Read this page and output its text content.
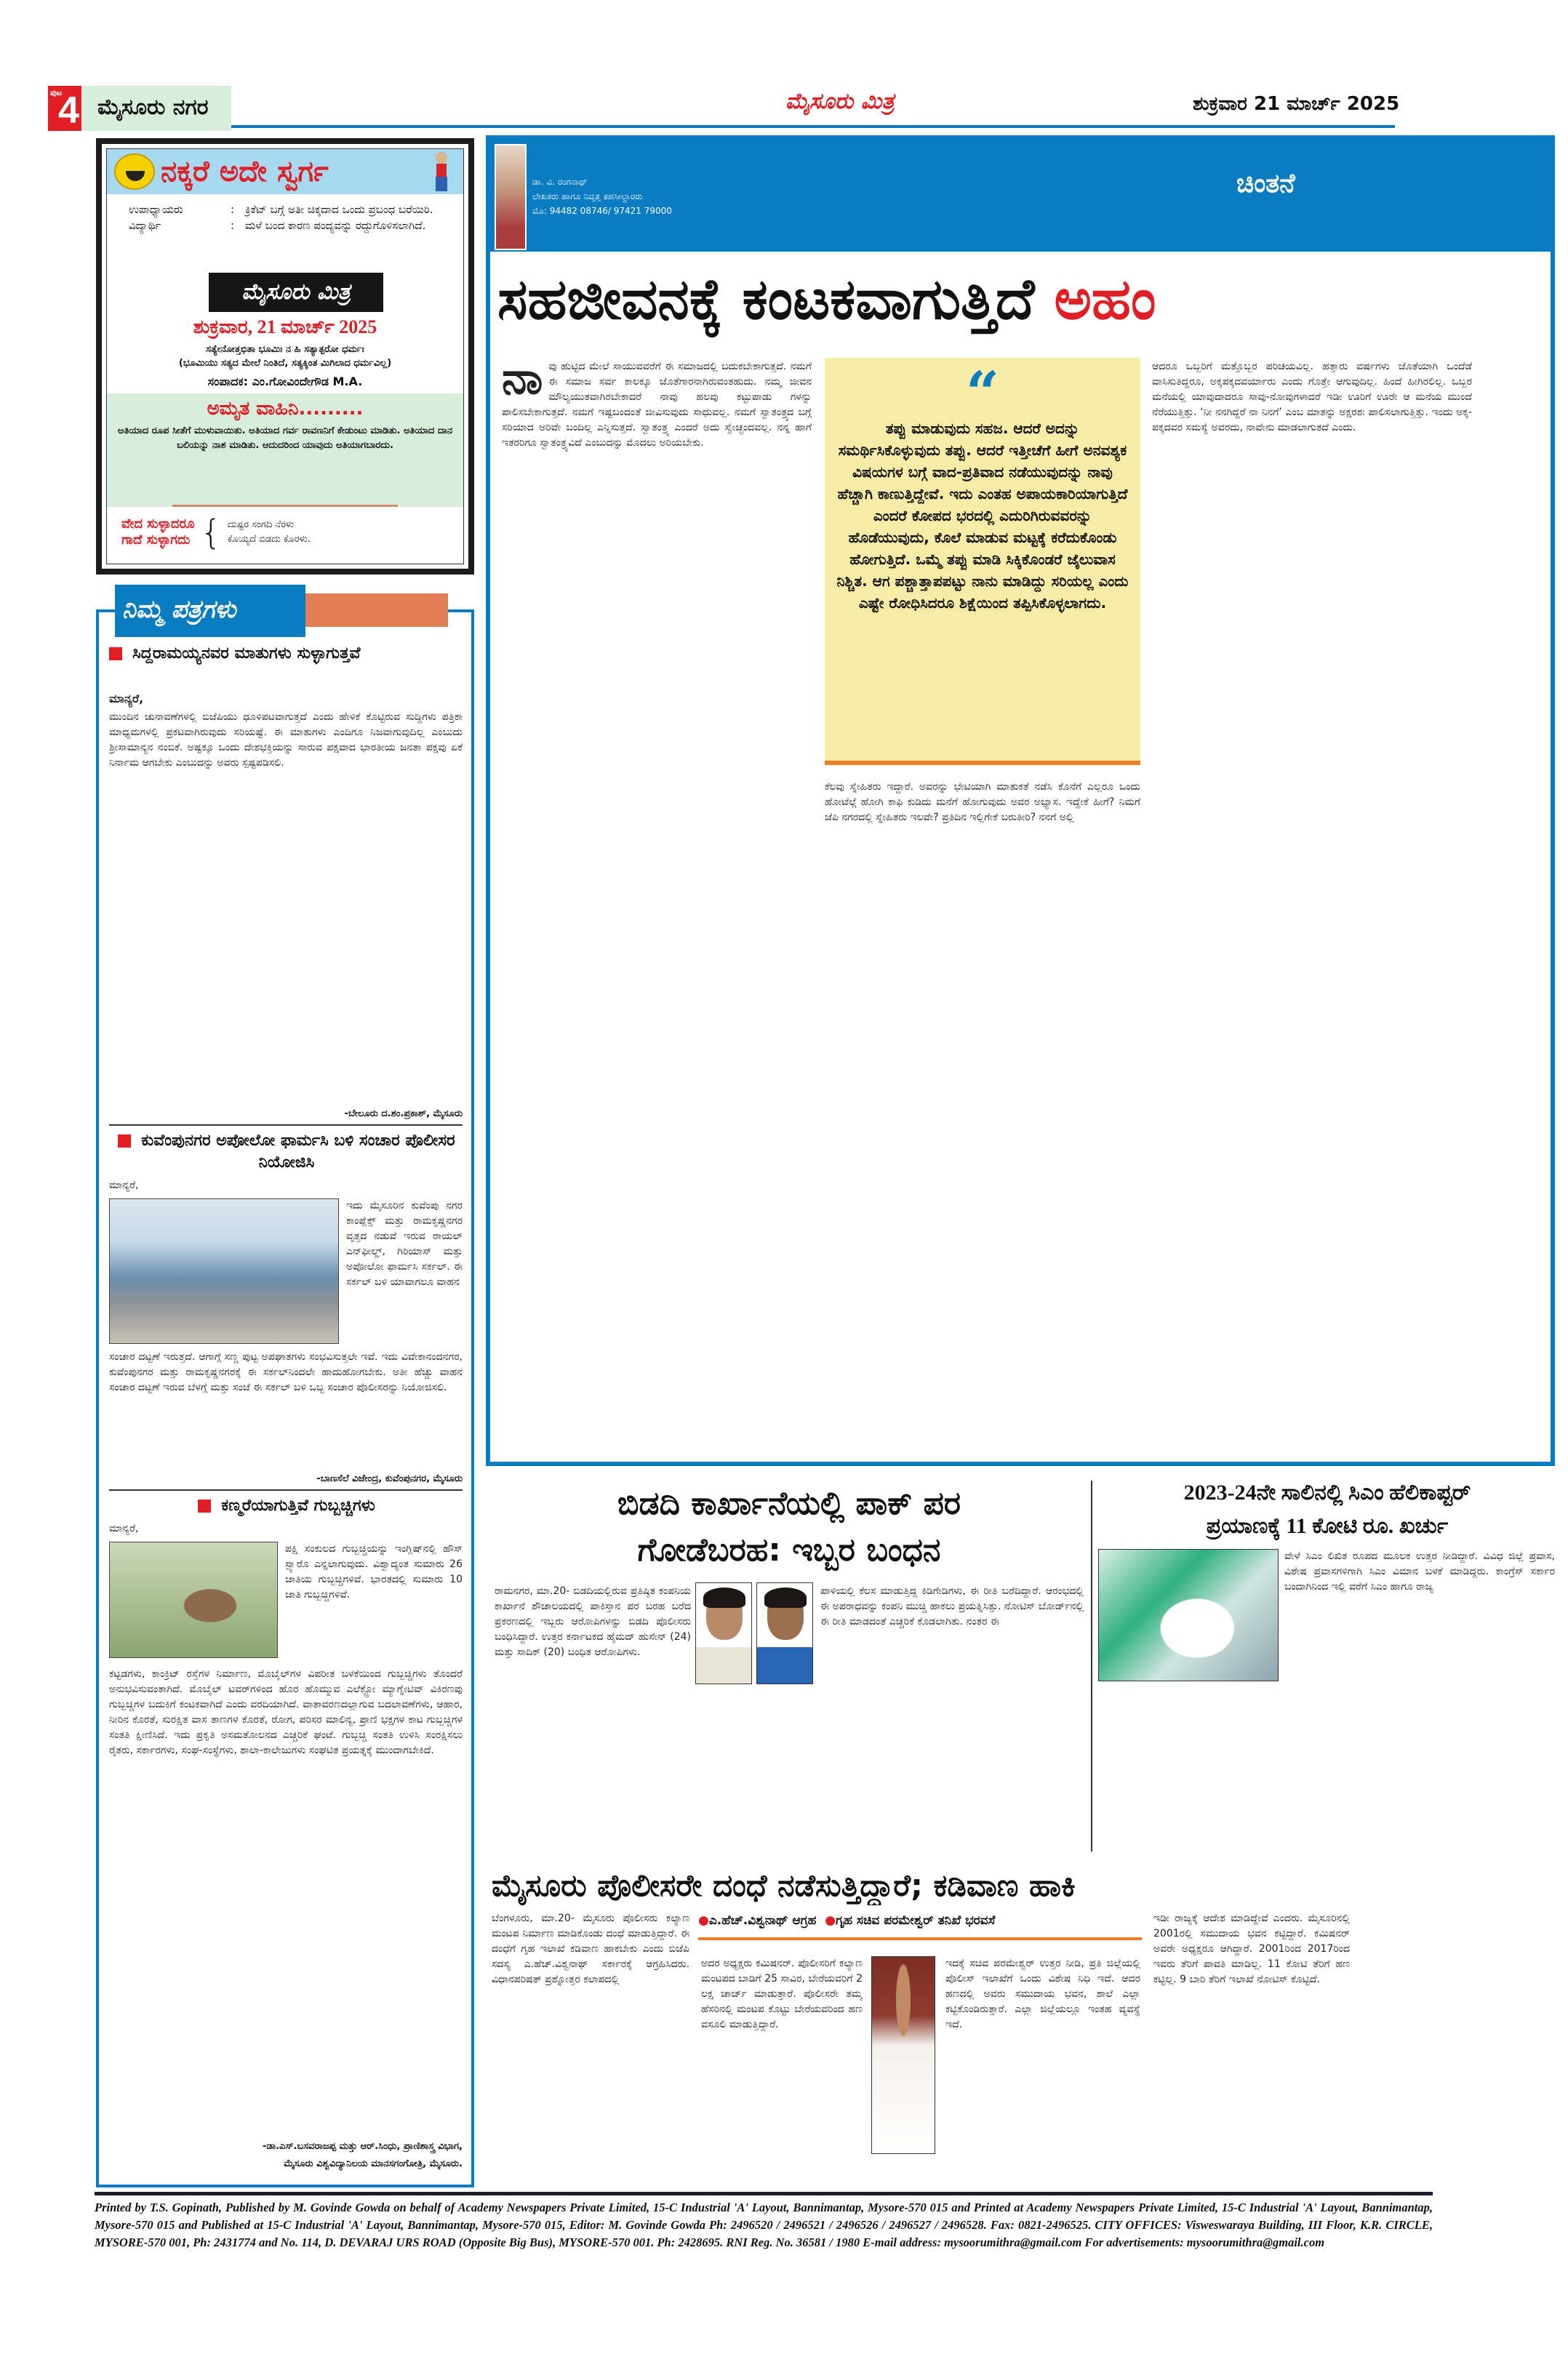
ಪುಟ
4 ಮೈಸೂರು ನಗರ	ಮೈಸೂರು ಮಿತ್ರ	ಶುಕ್ರವಾರ 21 ಮಾರ್ಚ್ 2025
ನಕ್ಕರೆ ಅದೇ ಸ್ವರ್ಗ
ಉಪಾಧ್ಯಾಯರು	: ಕ್ರಿಕೆಟ್ ಬಗ್ಗೆ ಅತೀ ಚಿಕ್ಕದಾದ ಒಂದು ಪ್ರಬಂಧ ಬರೆಯಿರಿ.
ವಿದ್ಯಾರ್ಥಿ	: ಮಳೆ ಬಂದ ಕಾರಣ ಪಂದ್ಯವನ್ನು ರದ್ದುಗೊಳಿಸಲಾಗಿದೆ.
ಮೈಸೂರು ಮಿತ್ರ
ಶುಕ್ರವಾರ, 21 ಮಾರ್ಚ್ 2025
ಸತ್ಯೇನೋತ್ತಭಿತಾ ಭೂಮಿಃ ನ ಹಿ ಸತ್ಯಾತ್ಪರೋ ಧರ್ಮಃ
(ಭೂಮಿಯು ಸತ್ಯದ ಮೇಲೆ ನಿಂತಿದೆ, ಸತ್ಯಕ್ಕಿಂತ ಮಿಗಿಲಾದ ಧರ್ಮವಿಲ್ಲ)
ಸಂಪಾದಕ: ಎಂ.ಗೋವಿಂದೇಗೌಡ M.A.
ಅಮೃತ ವಾಹಿನಿ.........
ಅತಿಯಾದ ರೂಪ ಸೀತೆಗೆ ಮುಳುವಾಯಿತು. ಅತಿಯಾದ ಗರ್ವ ರಾವಣನಿಗೆ ಕೇಡುಂಟು ಮಾಡಿತು. ಅತಿಯಾದ ದಾನ ಬಲಿಯನ್ನು ನಾಶ ಮಾಡಿತು. ಆದುದರಿಂದ ಯಾವುದು ಅತಿಯಾಗಬಾರದು.
ವೇದ ಸುಳ್ಳಾದರೂ
ಗಾದೆ ಸುಳ್ಳಾಗದು { ದುಷ್ಟರ ಸಂಗದಿ ನೆರಳು
ಕೊಯ್ಯದೆ ಬಿಡದು ಕೊರಳು.
ಸಿದ್ದರಾಮಯ್ಯನವರ ಮಾತುಗಳು ಸುಳ್ಳಾಗುತ್ತವೆ
ಮಾನ್ಯರೆ,
ಮುಂದಿನ ಚುನಾವಣೆಗಳಲ್ಲಿ ಬಿಜೆಪಿಯು ಧೂಳಿಪಟವಾಗುತ್ತದೆ ಎಂದು ಹೇಳಿಕೆ ಕೊಟ್ಟಿರುವ ಸುದ್ದಿಗಳು ಪತ್ರಿಕಾ ಮಾಧ್ಯಮಗಳಲ್ಲಿ ಪ್ರಕಟವಾಗಿರುವುದು ಸರಿಯಷ್ಟೆ. ಈ ಮಾತುಗಳು ಎಂದಿಗೂ ನಿಜವಾಗುವುದಿಲ್ಲ ಎಂಬುದು ಶ್ರೀಸಾಮಾನ್ಯನ ನಂಬಿಕೆ. ಅಷ್ಟಕ್ಕೂ ಒಂದು ದೇಶಭಕ್ತಿಯನ್ನು ಸಾರುವ ಪಕ್ಷವಾದ ಭಾರತೀಯ ಜನತಾ ಪಕ್ಷವು ಏಕೆ ನಿರ್ನಾಮ ಆಗಬೇಕು ಎಂಬುದನ್ನು ಅವರು ಸ್ಪಷ್ಟಪಡಿಸಲಿ.
-ಬೇಲೂರು ದ.ಶಂ.ಪ್ರಕಾಶ್, ಮೈಸೂರು
ಕುವೆಂಪುನಗರ ಅಪೋಲೋ ಫಾರ್ಮಸಿ ಬಳಿ ಸಂಚಾರ ಪೊಲೀಸರ ನಿಯೋಜಿಸಿ
ಮಾನ್ಯರೆ,
ಇದು ಮೈಸೂರಿನ ಕುವೆಂಪು ನಗರ ಕಾಂಪ್ಲೆಕ್ಸ್ ಮತ್ತು ರಾಮಕೃಷ್ಣನಗರ ವೃತ್ತದ ನಡುವೆ ಇರುವ ರಾಯಲ್ ಎನ್‌ಫೀಲ್ಡ್, ಗಿರಿಯಾಸ್ ಮತ್ತು ಅಪೋಲೋ ಫಾರ್ಮಸಿ ಸರ್ಕಲ್. ಈ ಸರ್ಕಲ್ ಬಳಿ ಯಾವಾಗಲೂ ವಾಹನ
ಸಂಚಾರ ದಟ್ಟಣೆ ಇರುತ್ತದೆ. ಆಗಾಗ್ಗೆ ಸಣ್ಣ ಪುಟ್ಟ ಅಪಘಾತಗಳು ಸಂಭವಿಸುತ್ತಲೇ ಇವೆ. ಇದು ವಿವೇಕಾನಂದನಗರ, ಕುವೆಂಪುನಗರ ಮತ್ತು ರಾಮಕೃಷ್ಣನಗರಕ್ಕೆ ಈ ಸರ್ಕಲ್‌ನಿಂದಲೇ ಹಾದುಹೋಗಬೇಕು. ಅತೀ ಹೆಚ್ಚು ವಾಹನ ಸಂಚಾರ ದಟ್ಟಣೆ ಇರುವ ಬೆಳಗ್ಗೆ ಮತ್ತು ಸಂಜೆ ಈ ಸರ್ಕಲ್ ಬಳಿ ಒಬ್ಬ ಸಂಚಾರ ಪೊಲೀಸರನ್ನು ನಿಯೋಜಿಸಲಿ.
-ಬಾಣಸೆಲೆ ವಿಜೇಂದ್ರ, ಕುವೆಂಪುನಗರ, ಮೈಸೂರು
ಕಣ್ಮರೆಯಾಗುತ್ತಿವೆ ಗುಬ್ಬಚ್ಚಿಗಳು
ಮಾನ್ಯರೆ,
ಪಕ್ಷಿ ಸಂಕುಲದ ಗುಬ್ಬಚ್ಚಿಯನ್ನು ಇಂಗ್ಲಿಷ್‌ನಲ್ಲಿ ಹೌಸ್ ಸ್ಪ್ಯಾರೊ ಎನ್ನಲಾಗುವುದು. ವಿಶ್ವಾದ್ಯಂತ ಸುಮಾರು 26 ಜಾತಿಯ ಗುಬ್ಬಚ್ಚಿಗಳಿವೆ. ಭಾರತದಲ್ಲಿ ಸುಮಾರು 10 ಜಾತಿ ಗುಬ್ಬಚ್ಚಿಗಳಿವೆ.
ಕಟ್ಟಡಗಳು, ಕಾಂಕ್ರಿಟ್ ರಸ್ತೆಗಳ ನಿರ್ಮಾಣ, ಮೊಬೈಲ್‌ಗಳ ವಿಪರೀತ ಬಳಕೆಯಿಂದ ಗುಬ್ಬಚ್ಚಿಗಳು ತೊಂದರೆ ಅನುಭವಿಸುವಂತಾಗಿದೆ. ಮೊಬೈಲ್ ಟವರ್‌ಗಳಿಂದ ಹೊರ ಹೊಮ್ಮುವ ಎಲೆಕ್ಟ್ರೋ ಮ್ಯಾಗ್ನೇಟಿವ್ ವಿಕಿರಣವು ಗುಬ್ಬಚ್ಚಿಗಳ ಬದುಕಿಗೆ ಕಂಟಕವಾಗಿದೆ ಎಂದು ವರದಿಯಾಗಿದೆ. ವಾತಾವರಣದಲ್ಲಾಗುವ ಬದಲಾವಣೆಗಳು, ಆಹಾರ, ನೀರಿನ ಕೊರತೆ, ಸುರಕ್ಷಿತ ವಾಸ ತಾಣಗಳ ಕೊರತೆ, ರೋಗ, ಪರಿಸರ ಮಾಲಿನ್ಯ, ಪ್ರಾಣಿ ಭಕ್ಷಗಳ ಕಾಟ ಗುಬ್ಬಚ್ಚಿಗಳ ಸಂತತಿ ಕ್ಷೀಣಿಸಿದೆ. ಇದು ಪ್ರಕೃತಿ ಅಸಮತೋಲನದ ಎಚ್ಚರಿಕೆ ಘಂಟೆ. ಗುಬ್ಬಚ್ಚಿ ಸಂತತಿ ಉಳಿಸಿ ಸಂರಕ್ಷಿಸಲು ರೈತರು, ಸರ್ಕಾರಗಳು, ಸಂಘ-ಸಂಸ್ಥೆಗಳು, ಶಾಲಾ-ಕಾಲೇಜುಗಳು ಸಂಘಟಿತ ಪ್ರಯತ್ನಕ್ಕೆ ಮುಂದಾಗಬೇಕಿದೆ.
-ಡಾ.ಎಸ್.ಬಸವರಾಜಪ್ಪ ಮತ್ತು ಆರ್.ಸಿಂಧು, ಪ್ರಾಣಿಶಾಸ್ತ್ರ ವಿಭಾಗ,
ಮೈಸೂರು ವಿಶ್ವವಿದ್ಯಾನಿಲಯ ಮಾನಸಗಂಗೋತ್ರಿ, ಮೈಸೂರು.
ನಿಮ್ಮ ಪತ್ರಗಳು
ಡಾ. ವಿ. ರಂಗನಾಥ್
ಲೇಖಕರು ಹಾಗೂ ನಿವೃತ್ತ ತಹಸೀಲ್ದಾರರು
ಮೊ: 94482 08746/ 97421 79000
ಚಿಂತನೆ
ಸಹಜೀವನಕ್ಕೆ ಕಂಟಕವಾಗುತ್ತಿದೆ ಅಹಂ
ನಾ ವು ಹುಟ್ಟಿದ ಮೇಲೆ ಸಾಯುವವರೆಗೆ ಈ ಸಮಾಜದಲ್ಲಿ ಬದುಕಬೇಕಾಗುತ್ತದೆ. ನಮಗೆ ಈ ಸಮಾಜ ಸರ್ವ ಕಾಲಕ್ಕೂ ಜೊತೆಗಾರನಾಗಿರುವಂತಹುದು. ನಮ್ಮ ಜೀವನ ಮೌಲ್ಯಯುತವಾಗಿರಬೇಕಾದರೆ ನಾವು ಹಲವು ಕಟ್ಟುಪಾಡು ಗಳನ್ನು ಪಾಲಿಸಬೇಕಾಗುತ್ತದೆ. ನಮಗೆ ಇಷ್ಟಬಂದಂತೆ ಜೀವಿಸುವುದು ಸಾಧುವಲ್ಲ. ನಮಗೆ ಸ್ವಾತಂತ್ರ್ಯದ ಬಗ್ಗೆ ಸರಿಯಾದ ಅರಿವೇ ಬಂದಿಲ್ಲ ಎನ್ನಿಸುತ್ತದೆ. ಸ್ವಾತಂತ್ರ್ಯ ಎಂದರೆ ಅದು ಸ್ವೇಚ್ಛಂದವಲ್ಲ. ನನ್ನ ಹಾಗೆ ಇತರರಿಗೂ ಸ್ವಾತಂತ್ರ್ಯವಿದೆ ಎಂಬುದನ್ನು ಮೊದಲು ಅರಿಯಬೇಕು.
“
ತಪ್ಪು ಮಾಡುವುದು ಸಹಜ. ಆದರೆ ಅದನ್ನು ಸಮರ್ಥಿಸಿಕೊಳ್ಳುವುದು ತಪ್ಪು. ಆದರೆ ಇತ್ತೀಚೆಗೆ ಹೀಗೆ ಅನವಶ್ಯಕ ವಿಷಯಗಳ ಬಗ್ಗೆ ವಾದ-ಪ್ರತಿವಾದ ನಡೆಯುವುದನ್ನು ನಾವು ಹೆಚ್ಚಾಗಿ ಕಾಣುತ್ತಿದ್ದೇವೆ. ಇದು ಎಂತಹ ಅಪಾಯಕಾರಿಯಾಗುತ್ತಿದೆ ಎಂದರೆ ಕೋಪದ ಭರದಲ್ಲಿ ಎದುರಿಗಿರುವವರನ್ನು ಹೊಡೆಯುವುದು, ಕೊಲೆ ಮಾಡುವ ಮಟ್ಟಕ್ಕೆ ಕರೆದುಕೊಂಡು ಹೋಗುತ್ತಿದೆ. ಒಮ್ಮೆ ತಪ್ಪು ಮಾಡಿ ಸಿಕ್ಕಿಕೊಂಡರೆ ಜೈಲುವಾಸ ನಿಶ್ಚಿತ. ಆಗ ಪಶ್ಚಾತ್ತಾಪಪಟ್ಟು ನಾನು ಮಾಡಿದ್ದು ಸರಿಯಲ್ಲ ಎಂದು ಎಷ್ಟೇ ರೋಧಿಸಿದರೂ ಶಿಕ್ಷೆಯಿಂದ ತಪ್ಪಿಸಿಕೊಳ್ಳಲಾಗದು.
ಕೆಲವು ಸ್ನೇಹಿತರು ಇದ್ದಾರೆ. ಅವರನ್ನು ಭೇಟಿಯಾಗಿ ಮಾತುಕತೆ ನಡೆಸಿ ಕೊನೆಗೆ ಎಲ್ಲರೂ ಒಂದು ಹೋಟೆಲ್ಗೆ ಹೋಗಿ ಕಾಫಿ ಕುಡಿದು ಮನೆಗೆ ಹೋಗುವುದು ಅವರ ಅಭ್ಯಾಸ. ಇದ್ದೇಕೆ ಹೀಗೆ? ನಿಮಗೆ ಜೆಪಿ ನಗರದಲ್ಲಿ ಸ್ನೇಹಿತರು ಇಲವೇ? ಪ್ರತಿದಿನ ಇಲ್ಲಿಗೇಕೆ ಬರುತೀರಿ? ನನಗೆ ಅಲ್ಲಿ
ಆದರೂ ಒಬ್ಬರಿಗೆ ಮತ್ತೊಬ್ಬರ ಪರಿಚಯವಿಲ್ಲ. ಹತ್ತಾರು ವರ್ಷಗಳು ಜೊತೆಯಾಗಿ ಒಂದೆಡೆ ವಾಸಿಸುತಿದ್ದರೂ, ಅಕ್ಕಪಕ್ಕದವರ್ಯಾರು ಎಂದು ಗೊತ್ತೇ ಆಗುವುದಿಲ್ಲ. ಹಿಂದೆ ಹೀಗಿರಲಿಲ್ಲ. ಒಬ್ಬರ ಮನೆಯಲ್ಲಿ ಯಾವುದಾದರೂ ಸಾವು-ನೋವುಗಳಾದರೆ ಇಡೀ ಊರಿಗೆ ಊರೇ ಆ ಮನೆಯ ಮುಂದೆ ನೆರೆಯುತ್ತಿತ್ತು. ‘ನೀ ನನಗಿದ್ದರೆ ನಾ ನಿನಗೆ’ ಎಂಬ ಮಾತನ್ನು ಅಕ್ಷರಶಃ ಪಾಲಿಸಲಾಗುತ್ತಿತ್ತು. ಇಂದು ಅಕ್ಕ-ಪಕ್ಕದವರ ಸಮಸ್ಯೆ ಅವರದು, ನಾವೇನು ಮಾಡಲಾಗುತದೆ ಎಂದು.
ಬಿಡದಿ ಕಾರ್ಖಾನೆಯಲ್ಲಿ ಪಾಕ್ ಪರ
ಗೋಡೆಬರಹ: ಇಬ್ಬರ ಬಂಧನ
ರಾಮನಗರ, ಮಾ.20- ಬಿಡದಿಯಲ್ಲಿರುವ ಪ್ರತಿಷ್ಠಿತ ಕಂಪನಿಯ ಕಾರ್ಖಾನೆ ಶೌಚಾಲಯದಲ್ಲಿ ಪಾಕಿಸ್ತಾನ ಪರ ಬರಹ ಬರೆದ ಪ್ರಕರಣದಲ್ಲಿ ಇಬ್ಬರು ಆರೋಪಿಗಳನ್ನು ಬಿಡದಿ ಪೊಲೀಸರು ಬಂಧಿಸಿದ್ದಾರೆ. ಉತ್ತರ ಕರ್ನಾಟಕದ ಹೈಮದ್ ಹುಸೇನ್ (24) ಮತ್ತು ಸಾದಿಕ್ (20) ಬಂಧಿತ ಆರೋಪಿಗಳು.
ಪಾಳಿಯಲ್ಲಿ ಕೆಲಸ ಮಾಡುತ್ತಿದ್ದ ಕಿಡಿಗೇಡಿಗಳು, ಈ ರೀತಿ ಬರೆದಿದ್ದಾರೆ. ಆರಂಭದಲ್ಲಿ ಈ ಅಪರಾಧವನ್ನು ಕಂಪನಿ ಮುಚ್ಚಿ ಹಾಕಲು ಪ್ರಯತ್ನಿಸಿತ್ತು. ನೋಟಿಸ್ ಬೋರ್ಡ್‌ನಲ್ಲಿ ಈ ರೀತಿ ಮಾಡದಂತೆ ಎಚ್ಚರಿಕೆ ಕೊಡಲಾಗಿತು. ನಂತರ ಈ
2023-24ನೇ ಸಾಲಿನಲ್ಲಿ ಸಿಎಂ ಹೆಲಿಕಾಪ್ಟರ್
ಪ್ರಯಾಣಕ್ಕೆ 11 ಕೋಟಿ ರೂ. ಖರ್ಚು
ವೇಳೆ ಸಿಎಂ ಲಿಖಿತ ರೂಪದ ಮೂಲಕ ಉತ್ತರ ನೀಡಿದ್ದಾರೆ. ವಿವಿಧ ಜಿಲ್ಲೆ ಪ್ರವಾಸ, ವಿಶೇಷ ಪ್ರವಾಸಗಳಿಗಾಗಿ ಸಿಎಂ ವಿಮಾನ ಬಳಕೆ ಮಾಡಿದ್ದರು. ಕಾಂಗ್ರೆಸ್ ಸರ್ಕಾರ ಬಂದಾಗಿನಿಂದ ಇಲ್ಲಿ ವರೆಗೆ ಸಿಎಂ ಹಾಗೂ ರಾಜ್ಯ
ಮೈಸೂರು ಪೊಲೀಸರೇ ದಂಧೆ ನಡೆಸುತ್ತಿದ್ದಾರೆ; ಕಡಿವಾಣ ಹಾಕಿ
●ಎ.ಹೆಚ್.ವಿಶ್ವನಾಥ್ ಆಗ್ರಹ ●ಗೃಹ ಸಚಿವ ಪರಮೇಶ್ವರ್ ತನಿಖೆ ಭರವಸೆ
ಬೆಂಗಳೂರು, ಮಾ.20- ಮೈಸೂರು ಪೊಲೀಸರು ಕಲ್ಯಾಣ ಮಂಟಪ ನಿರ್ಮಾಣ ಮಾಡಿಕೊಂಡು ದಂಧೆ ಮಾಡುತ್ತಿದ್ದಾರೆ. ಈ ದಂಧೆಗೆ ಗೃಹ ಇಲಾಖೆ ಕಡಿವಾಣ ಹಾಕಬೇಕು ಎಂದು ಬಿಜೆಪಿ ಸದಸ್ಯ ಎ.ಹೆಚ್.ವಿಶ್ವನಾಥ್ ಸರ್ಕಾರಕ್ಕೆ ಆಗ್ರಹಿಸಿದರು. ವಿಧಾನಪರಿಷತ್ ಪ್ರಶ್ನೋತ್ತರ ಕಲಾಪದಲ್ಲಿ
ಅದರ ಅಧ್ಯಕ್ಷರು ಕಮಿಷನರ್. ಪೊಲೀಸರಿಗೆ ಕಲ್ಯಾಣ ಮಂಟಪದ ಬಾಡಿಗೆ 25 ಸಾವಿರ, ಬೇರೆಯವರಿಗೆ 2 ಲಕ್ಷ ಚಾರ್ಜ್ ಮಾಡುತ್ತಾರೆ. ಪೊಲೀಸರೇ ತಮ್ಮ ಹೆಸರಿನಲ್ಲಿ ಮಂಟಪ ಕೊಟ್ಟು ಬೇರೆಯವರಿಂದ ಹಣ ವಸೂಲಿ ಮಾಡುತ್ತಿದ್ದಾರೆ.
ಇದಕ್ಕೆ ಸಚಿವ ಪರಮೇಶ್ವರ್ ಉತ್ತರ ನೀಡಿ, ಪ್ರತಿ ಜಿಲ್ಲೆಯಲ್ಲಿ ಪೊಲೀಸ್ ಇಲಾಖೆಗೆ ಒಂದು ವಿಶೇಷ ನಿಧಿ ಇದೆ. ಆದರ ಹಣದಲ್ಲಿ ಅವರು ಸಮುದಾಯ ಭವನ, ಶಾಲೆ ಎಲ್ಲಾ ಕಟ್ಟಿಕೊಂಡಿರುತ್ತಾರೆ. ಎಲ್ಲಾ ಜಿಲ್ಲೆಯಲ್ಲೂ ಇಂತಹ ವ್ಯವಸ್ಥೆ ಇದೆ.
ಇಡೀ ರಾಜ್ಯಕ್ಕೆ ಆದೇಶ ಮಾಡಿದ್ದೇವೆ ಎಂದರು. ಮೈಸೂರಿನಲ್ಲಿ 2001ರಲ್ಲಿ ಸಮುದಾಯ ಭವನ ಕಟ್ಟಿದ್ದಾರೆ. ಕಮಿಷನರ್ ಅವರೇ ಅಧ್ಯಕ್ಷರೂ ಆಗಿದ್ದಾರೆ. 2001ರಿಂದ 2017ರಿಂದ ಇವರು ತೆರಿಗೆ ಪಾವತಿ ಮಾಡಿಲ್ಲ. 11 ಕೋಟಿ ತೆರಿಗೆ ಹಣ ಕಟ್ಟಿಲ್ಲ. 9 ಬಾರಿ ತೆರಿಗೆ ಇಲಾಖೆ ನೋಟಿಸ್ ಕೊಟ್ಟಿದೆ.
Printed by T.S. Gopinath, Published by M. Govinde Gowda on behalf of Academy Newspapers Private Limited, 15-C Industrial 'A' Layout, Bannimantap, Mysore-570 015 and Printed at Academy Newspapers Private Limited, 15-C Industrial 'A' Layout, Bannimantap, Mysore-570 015 and Published at 15-C Industrial 'A' Layout, Bannimantap, Mysore-570 015, Editor: M. Govinde Gowda Ph: 2496520 / 2496521 / 2496526 / 2496527 / 2496528. Fax: 0821-2496525. CITY OFFICES: Visweswaraya Building, III Floor, K.R. CIRCLE, MYSORE-570 001, Ph: 2431774 and No. 114, D. DEVARAJ URS ROAD (Opposite Big Bus), MYSORE-570 001. Ph: 2428695. RNI Reg. No. 36581 / 1980 E-mail address: mysoorumithra@gmail.com For advertisements: mysoorumithra@gmail.com
